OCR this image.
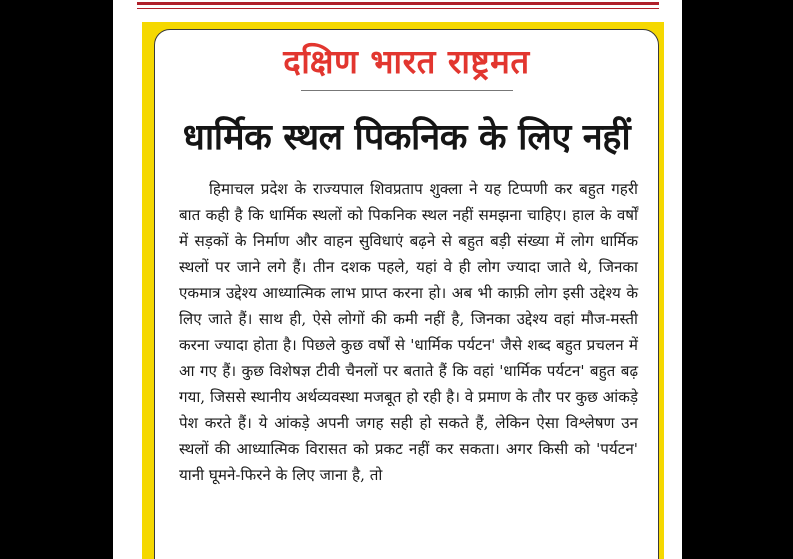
दक्षिण भारत राष्ट्रमत
धार्मिक स्थल पिकनिक के लिए नहीं

हिमाचल प्रदेश के राज्यपाल शिवप्रताप शुक्ला ने यह टिप्पणी कर बहुत गहरी बात कही है कि धार्मिक स्थलों को पिकनिक स्थल नहीं समझना चाहिए। हाल के वर्षों में सड़कों के निर्माण और वाहन सुविधाएं बढ़ने से बहुत बड़ी संख्या में लोग धार्मिक स्थलों पर जाने लगे हैं। तीन दशक पहले, यहां वे ही लोग ज्यादा जाते थे, जिनका एकमात्र उद्देश्य आध्यात्मिक लाभ प्राप्त करना हो। अब भी काफ़ी लोग इसी उद्देश्य के लिए जाते हैं। साथ ही, ऐसे लोगों की कमी नहीं है, जिनका उद्देश्य वहां मौज-मस्ती करना ज्यादा होता है। पिछले कुछ वर्षों से 'धार्मिक पर्यटन' जैसे शब्द बहुत प्रचलन में आ गए हैं। कुछ विशेषज्ञ टीवी चैनलों पर बताते हैं कि वहां 'धार्मिक पर्यटन' बहुत बढ़ गया, जिससे स्थानीय अर्थव्यवस्था मजबूत हो रही है। वे प्रमाण के तौर पर कुछ आंकड़े पेश करते हैं। ये आंकड़े अपनी जगह सही हो सकते हैं, लेकिन ऐसा विश्लेषण उन स्थलों की आध्यात्मिक विरासत को प्रकट नहीं कर सकता। अगर किसी को 'पर्यटन' यानी घूमने-फिरने के लिए जाना है, तो
